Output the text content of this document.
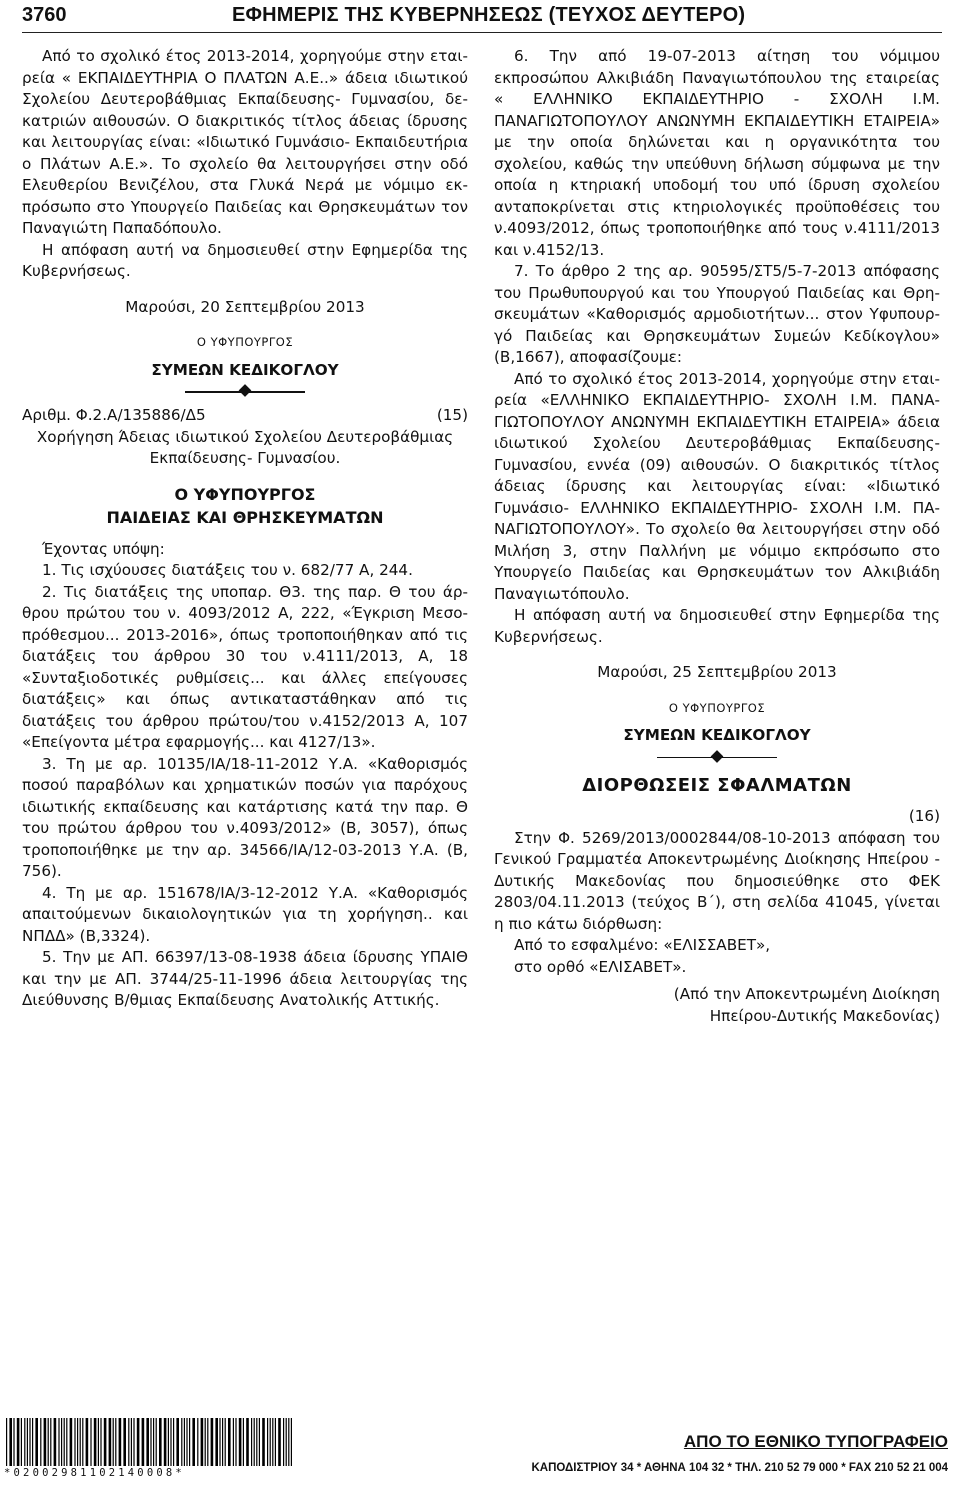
3760	ΕΦΗΜΕΡΙΣ ΤΗΣ ΚΥΒΕΡΝΗΣΕΩΣ (ΤΕΥΧΟΣ ΔΕΥΤΕΡΟ)

Από το σχολικό έτος 2013-2014, χορηγούμε στην εταιρεία « ΕΚΠΑΙΔΕΥΤΗΡΙΑ Ο ΠΛΑΤΩΝ Α.Ε..» άδεια ιδιωτικού Σχολείου Δευτεροβάθμιας Εκπαίδευσης- Γυμνασίου, δεκατριών αιθουσών. Ο διακριτικός τίτλος άδειας ίδρυσης και λειτουργίας είναι: «Ιδιωτικό Γυμνάσιο- Εκπαιδευτήρια ο Πλάτων Α.Ε.». Το σχολείο θα λειτουργήσει στην οδό Ελευθερίου Βενιζέλου, στα Γλυκά Νερά με νόμιμο εκπρόσωπο στο Υπουργείο Παιδείας και Θρησκευμάτων τον Παναγιώτη Παπαδόπουλο.

Η απόφαση αυτή να δημοσιευθεί στην Εφημερίδα της Κυβερνήσεως.

Μαρούσι, 20 Σεπτεμβρίου 2013

Ο ΥΦΥΠΟΥΡΓΟΣ

ΣΥΜΕΩΝ ΚΕΔΙΚΟΓΛΟΥ

Αριθμ. Φ.2.Α/135886/Δ5	(15)

Χορήγηση Άδειας ιδιωτικού Σχολείου Δευτεροβάθμιας Εκπαίδευσης- Γυμνασίου.

Ο ΥΦΥΠΟΥΡΓΟΣ

ΠΑΙΔΕΙΑΣ ΚΑΙ ΘΡΗΣΚΕΥΜΑΤΩΝ

Έχοντας υπόψη:

1. Τις ισχύουσες διατάξεις του ν. 682/77 Α, 244.

2. Τις διατάξεις της υποπαρ. Θ3. της παρ. Θ του άρθρου πρώτου του ν. 4093/2012 Α, 222, «Έγκριση Μεσοπρόθεσμου... 2013-2016», όπως τροποποιήθηκαν από τις διατάξεις του άρθρου 30 του ν.4111/2013, Α, 18 «Συνταξιοδοτικές ρυθμίσεις... και άλλες επείγουσες διατάξεις» και όπως αντικαταστάθηκαν από τις διατάξεις του άρθρου πρώτου/του ν.4152/2013 Α, 107 «Επείγοντα μέτρα εφαρμογής... και 4127/13».

3. Τη με αρ. 10135/ΙΑ/18-11-2012 Υ.Α. «Καθορισμός ποσού παραβόλων και χρηματικών ποσών για παρόχους ιδιωτικής εκπαίδευσης και κατάρτισης κατά την παρ. Θ του πρώτου άρθρου του ν.4093/2012» (Β, 3057), όπως τροποποιήθηκε με την αρ. 34566/ΙΑ/12-03-2013 Υ.Α. (Β, 756).

4. Τη με αρ. 151678/ΙΑ/3-12-2012 Υ.Α. «Καθορισμός απαιτούμενων δικαιολογητικών για τη χορήγηση.. και ΝΠΔΔ» (Β,3324).

5. Την με ΑΠ. 66397/13-08-1938 άδεια ίδρυσης ΥΠΑΙΘ και την με ΑΠ. 3744/25-11-1996 άδεια λειτουργίας της Διεύθυνσης Β/θμιας Εκπαίδευσης Ανατολικής Αττικής.

6. Την από 19-07-2013 αίτηση του νόμιμου εκπροσώπου Αλκιβιάδη Παναγιωτόπουλου της εταιρείας « ΕΛΛΗΝΙΚΟ ΕΚΠΑΙΔΕΥΤΗΡΙΟ - ΣΧΟΛΗ Ι.Μ. ΠΑΝΑΓΙΩΤΟΠΟΥΛΟΥ ΑΝΩΝΥΜΗ ΕΚΠΑΙΔΕΥΤΙΚΗ ΕΤΑΙΡΕΙΑ» με την οποία δηλώνεται και η οργανικότητα του σχολείου, καθώς την υπεύθυνη δήλωση σύμφωνα με την οποία η κτηριακή υποδομή του υπό ίδρυση σχολείου ανταποκρίνεται στις κτηριολογικές προϋποθέσεις του ν.4093/2012, όπως τροποποιήθηκε από τους ν.4111/2013 και ν.4152/13.

7. Το άρθρο 2 της αρ. 90595/ΣΤ5/5-7-2013 απόφασης του Πρωθυπουργού και του Υπουργού Παιδείας και Θρησκευμάτων «Καθορισμός αρμοδιοτήτων... στον Υφυπουργό Παιδείας και Θρησκευμάτων Συμεών Κεδίκογλου» (Β,1667), αποφασίζουμε:

Από το σχολικό έτος 2013-2014, χορηγούμε στην εταιρεία «ΕΛΛΗΝΙΚΟ ΕΚΠΑΙΔΕΥΤΗΡΙΟ- ΣΧΟΛΗ Ι.Μ. ΠΑΝΑΓΙΩΤΟΠΟΥΛΟΥ ΑΝΩΝΥΜΗ ΕΚΠΑΙΔΕΥΤΙΚΗ ΕΤΑΙΡΕΙΑ» άδεια ιδιωτικού Σχολείου Δευτεροβάθμιας Εκπαίδευσης- Γυμνασίου, εννέα (09) αιθουσών. Ο διακριτικός τίτλος άδειας ίδρυσης και λειτουργίας είναι: «Ιδιωτικό Γυμνάσιο- ΕΛΛΗΝΙΚΟ ΕΚΠΑΙΔΕΥΤΗΡΙΟ- ΣΧΟΛΗ Ι.Μ. ΠΑΝΑΓΙΩΤΟΠΟΥΛΟΥ». Το σχολείο θα λειτουργήσει στην οδό Μιλήση 3, στην Παλλήνη με νόμιμο εκπρόσωπο στο Υπουργείο Παιδείας και Θρησκευμάτων τον Αλκιβιάδη Παναγιωτόπουλο.

Η απόφαση αυτή να δημοσιευθεί στην Εφημερίδα της Κυβερνήσεως.

Μαρούσι, 25 Σεπτεμβρίου 2013

Ο ΥΦΥΠΟΥΡΓΟΣ

ΣΥΜΕΩΝ ΚΕΔΙΚΟΓΛΟΥ

ΔΙΟΡΘΩΣΕΙΣ ΣΦΑΛΜΑΤΩΝ

(16)

Στην Φ. 5269/2013/0002844/08-10-2013 απόφαση του Γενικού Γραμματέα Αποκεντρωμένης Διοίκησης Ηπείρου - Δυτικής Μακεδονίας που δημοσιεύθηκε στο ΦΕΚ 2803/04.11.2013 (τεύχος Β΄), στη σελίδα 41045, γίνεται η πιο κάτω διόρθωση:

Από το εσφαλμένο: «ΕΛΙΣΣΑΒΕΤ»,

στο ορθό «ΕΛΙΣΑΒΕΤ».

(Από την Αποκεντρωμένη Διοίκηση

Ηπείρου-Δυτικής Μακεδονίας)

*02002981102140008*
ΑΠΟ ΤΟ ΕΘΝΙΚΟ ΤΥΠΟΓΡΑΦΕΙΟ
ΚΑΠΟΔΙΣΤΡΙΟΥ 34 * ΑΘΗΝΑ 104 32 * ΤΗΛ. 210 52 79 000 * FAX 210 52 21 004
